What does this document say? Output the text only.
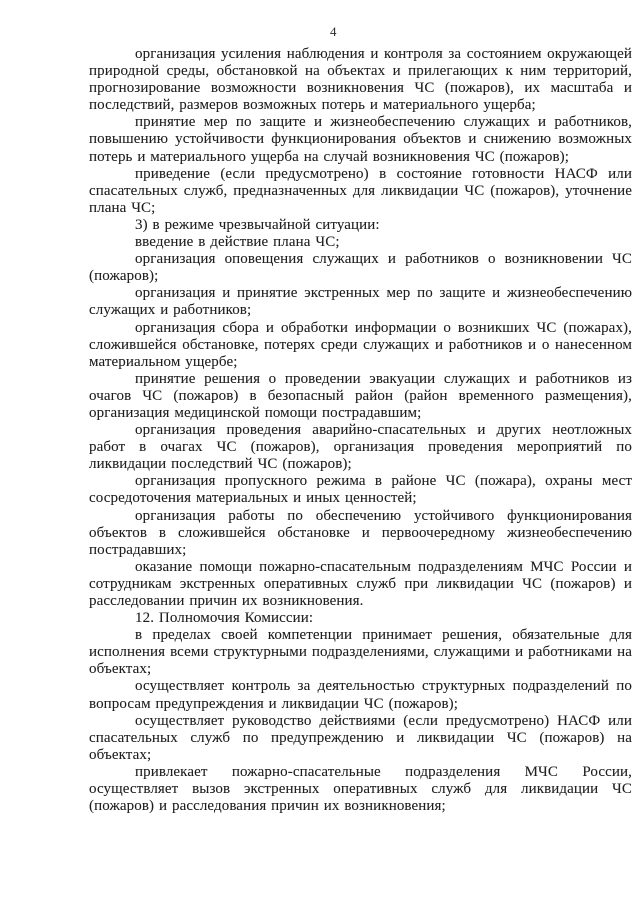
4

организация усиления наблюдения и контроля за состоянием окружающей природной среды, обстановкой на объектах и прилегающих к ним территорий, прогнозирование возможности возникновения ЧС (пожаров), их масштаба и последствий, размеров возможных потерь и материального ущерба;

принятие мер по защите и жизнеобеспечению служащих и работников, повышению устойчивости функционирования объектов и снижению возможных потерь и материального ущерба на случай возникновения ЧС (пожаров);

приведение (если предусмотрено) в состояние готовности НАСФ или спасательных служб, предназначенных для ликвидации ЧС (пожаров), уточнение плана ЧС;

3) в режиме чрезвычайной ситуации:

введение в действие плана ЧС;

организация оповещения служащих и работников о возникновении ЧС (пожаров);

организация и принятие экстренных мер по защите и жизнеобеспечению служащих и работников;

организация сбора и обработки информации о возникших ЧС (пожарах), сложившейся обстановке, потерях среди служащих и работников и о нанесенном материальном ущербе;

принятие решения о проведении эвакуации служащих и работников из очагов ЧС (пожаров) в безопасный район (район временного размещения), организация медицинской помощи пострадавшим;

организация проведения аварийно-спасательных и других неотложных работ в очагах ЧС (пожаров), организация проведения мероприятий по ликвидации последствий ЧС (пожаров);

организация пропускного режима в районе ЧС (пожара), охраны мест сосредоточения материальных и иных ценностей;

организация работы по обеспечению устойчивого функционирования объектов в сложившейся обстановке и первоочередному жизнеобеспечению пострадавших;

оказание помощи пожарно-спасательным подразделениям МЧС России и сотрудникам экстренных оперативных служб при ликвидации ЧС (пожаров) и расследовании причин их возникновения.

12. Полномочия Комиссии:

в пределах своей компетенции принимает решения, обязательные для исполнения всеми структурными подразделениями, служащими и работниками на объектах;

осуществляет контроль за деятельностью структурных подразделений по вопросам предупреждения и ликвидации ЧС (пожаров);

осуществляет руководство действиями (если предусмотрено) НАСФ или спасательных служб по предупреждению и ликвидации ЧС (пожаров) на объектах;

привлекает пожарно-спасательные подразделения МЧС России, осуществляет вызов экстренных оперативных служб для ликвидации ЧС (пожаров) и расследования причин их возникновения;
